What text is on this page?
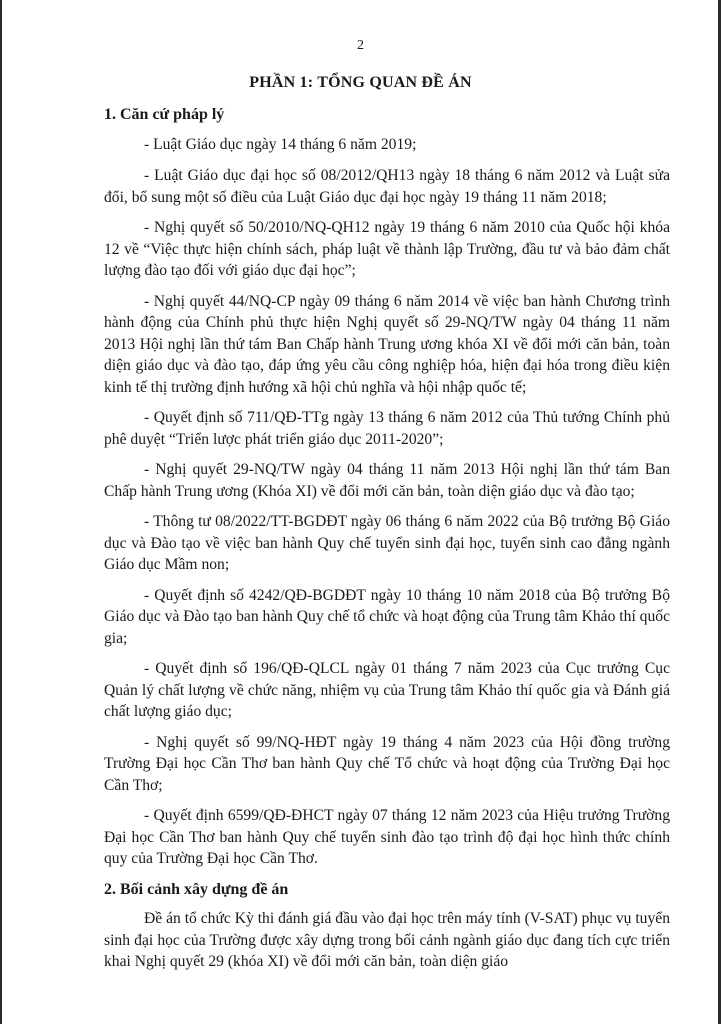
2
PHẦN 1: TỔNG QUAN ĐỀ ÁN
1. Căn cứ pháp lý

- Luật Giáo dục ngày 14 tháng 6 năm 2019;

- Luật Giáo dục đại học số 08/2012/QH13 ngày 18 tháng 6 năm 2012 và Luật sửa đổi, bổ sung một số điều của Luật Giáo dục đại học ngày 19 tháng 11 năm 2018;

- Nghị quyết số 50/2010/NQ-QH12 ngày 19 tháng 6 năm 2010 của Quốc hội khóa 12 về “Việc thực hiện chính sách, pháp luật về thành lập Trường, đầu tư và bảo đảm chất lượng đào tạo đối với giáo dục đại học”;

- Nghị quyết 44/NQ-CP ngày 09 tháng 6 năm 2014 về việc ban hành Chương trình hành động của Chính phủ thực hiện Nghị quyết số 29-NQ/TW ngày 04 tháng 11 năm 2013 Hội nghị lần thứ tám Ban Chấp hành Trung ương khóa XI về đổi mới căn bản, toàn diện giáo dục và đào tạo, đáp ứng yêu cầu công nghiệp hóa, hiện đại hóa trong điều kiện kinh tế thị trường định hướng xã hội chủ nghĩa và hội nhập quốc tế;

- Quyết định số 711/QĐ-TTg ngày 13 tháng 6 năm 2012 của Thủ tướng Chính phủ phê duyệt “Triển lược phát triển giáo dục 2011-2020”;

- Nghị quyết 29-NQ/TW ngày 04 tháng 11 năm 2013 Hội nghị lần thứ tám Ban Chấp hành Trung ương (Khóa XI) về đổi mới căn bản, toàn diện giáo dục và đào tạo;

- Thông tư 08/2022/TT-BGDĐT ngày 06 tháng 6 năm 2022 của Bộ trưởng Bộ Giáo dục và Đào tạo về việc ban hành Quy chế tuyển sinh đại học, tuyển sinh cao đẳng ngành Giáo dục Mầm non;

- Quyết định số 4242/QĐ-BGDĐT ngày 10 tháng 10 năm 2018 của Bộ trưởng Bộ Giáo dục và Đào tạo ban hành Quy chế tổ chức và hoạt động của Trung tâm Khảo thí quốc gia;

- Quyết định số 196/QĐ-QLCL ngày 01 tháng 7 năm 2023 của Cục trưởng Cục Quản lý chất lượng về chức năng, nhiệm vụ của Trung tâm Khảo thí quốc gia và Đánh giá chất lượng giáo dục;

- Nghị quyết số 99/NQ-HĐT ngày 19 tháng 4 năm 2023 của Hội đồng trường Trường Đại học Cần Thơ ban hành Quy chế Tổ chức và hoạt động của Trường Đại học Cần Thơ;

- Quyết định 6599/QĐ-ĐHCT ngày 07 tháng 12 năm 2023 của Hiệu trưởng Trường Đại học Cần Thơ ban hành Quy chế tuyển sinh đào tạo trình độ đại học hình thức chính quy của Trường Đại học Cần Thơ.

2. Bối cảnh xây dựng đề án

Đề án tổ chức Kỳ thi đánh giá đầu vào đại học trên máy tính (V-SAT) phục vụ tuyển sinh đại học của Trường được xây dựng trong bối cảnh ngành giáo dục đang tích cực triển khai Nghị quyết 29 (khóa XI) về đổi mới căn bản, toàn diện giáo
